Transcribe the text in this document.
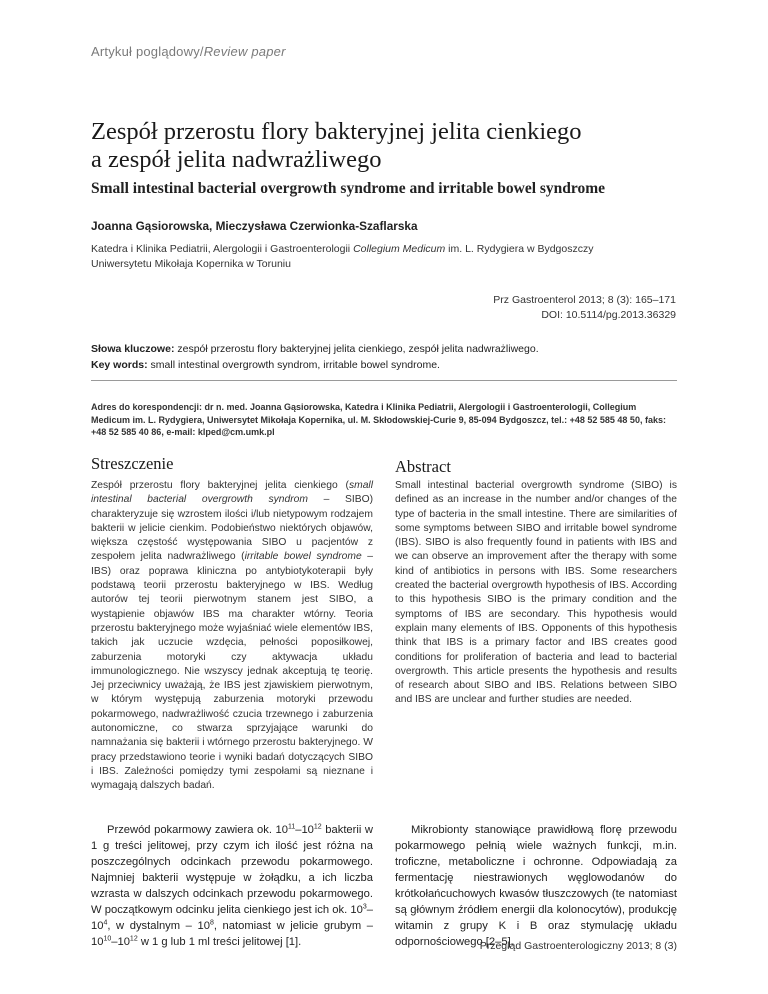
Artykuł poglądowy/Review paper
Zespół przerostu flory bakteryjnej jelita cienkiego
a zespół jelita nadwrażliwego
Small intestinal bacterial overgrowth syndrome and irritable bowel syndrome
Joanna Gąsiorowska, Mieczysława Czerwionka-Szaflarska
Katedra i Klinika Pediatrii, Alergologii i Gastroenterologii Collegium Medicum im. L. Rydygiera w Bydgoszczy
Uniwersytetu Mikołaja Kopernika w Toruniu
Prz Gastroenterol 2013; 8 (3): 165–171
DOI: 10.5114/pg.2013.36329
Słowa kluczowe: zespół przerostu flory bakteryjnej jelita cienkiego, zespół jelita nadwrażliwego.
Key words: small intestinal overgrowth syndrom, irritable bowel syndrome.
Adres do korespondencji: dr n. med. Joanna Gąsiorowska, Katedra i Klinika Pediatrii, Alergologii i Gastroenterologii, Collegium Medicum im. L. Rydygiera, Uniwersytet Mikołaja Kopernika, ul. M. Skłodowskiej-Curie 9, 85-094 Bydgoszcz, tel.: +48 52 585 48 50, faks: +48 52 585 40 86, e-mail: klped@cm.umk.pl
Streszczenie	Abstract
Zespół przerostu flory bakteryjnej jelita cienkiego (small intestinal bacterial overgrowth syndrom – SIBO) charakteryzuje się wzrostem ilości i/lub nietypowym rodzajem bakterii w jelicie cienkim. Podobieństwo niektórych objawów, większa częstość występowania SIBO u pacjentów z zespołem jelita nadwrażliwego (irritable bowel syndrome – IBS) oraz poprawa kliniczna po antybiotykoterapii były podstawą teorii przerostu bakteryjnego w IBS. Według autorów tej teorii pierwotnym stanem jest SIBO, a wystąpienie objawów IBS ma charakter wtórny. Teoria przerostu bakteryjnego może wyjaśniać wiele elementów IBS, takich jak uczucie wzdęcia, pełności poposiłkowej, zaburzenia motoryki czy aktywacja układu immunologicznego. Nie wszyscy jednak akceptują tę teorię. Jej przeciwnicy uważają, że IBS jest zjawiskiem pierwotnym, w którym występują zaburzenia motoryki przewodu pokarmowego, nadwrażliwość czucia trzewnego i zaburzenia autonomiczne, co stwarza sprzyjające warunki do namnażania się bakterii i wtórnego przerostu bakteryjnego. W pracy przedstawiono teorie i wyniki badań dotyczących SIBO i IBS. Zależności pomiędzy tymi zespołami są nieznane i wymagają dalszych badań.
Small intestinal bacterial overgrowth syndrome (SIBO) is defined as an increase in the number and/or changes of the type of bacteria in the small intestine. There are similarities of some symptoms between SIBO and irritable bowel syndrome (IBS). SIBO is also frequently found in patients with IBS and we can observe an improvement after the therapy with some kind of antibiotics in persons with IBS. Some researchers created the bacterial overgrowth hypothesis of IBS. According to this hypothesis SIBO is the primary condition and the symptoms of IBS are secondary. This hypothesis would explain many elements of IBS. Opponents of this hypothesis think that IBS is a primary factor and IBS creates good conditions for proliferation of bacteria and lead to bacterial overgrowth. This article presents the hypothesis and results of research about SIBO and IBS. Relations between SIBO and IBS are unclear and further studies are needed.
Przewód pokarmowy zawiera ok. $10^{11}-10^{12}$ bakterii w 1 g treści jelitowej, przy czym ich ilość jest różna na poszczególnych odcinkach przewodu pokarmowego. Najmniej bakterii występuje w żołądku, a ich liczba wzrasta w dalszych odcinkach przewodu pokarmowego. W początkowym odcinku jelita cienkiego jest ich ok. $10^3-10^4$, w dystalnym – $10^8$, natomiast w jelicie grubym – $10^{10}-10^{12}$ w 1 g lub 1 ml treści jelitowej [1].
Mikrobionty stanowiące prawidłową florę przewodu pokarmowego pełnią wiele ważnych funkcji, m.in. troficzne, metaboliczne i ochronne. Odpowiadają za fermentację niestrawionych węglowodanów do krótkołańcuchowych kwasów tłuszczowych (te natomiast są głównym źródłem energii dla kolonocytów), produkcję witamin z grupy K i B oraz stymulację układu odpornościowego [2–5].
Przegląd Gastroenterologiczny 2013; 8 (3)
